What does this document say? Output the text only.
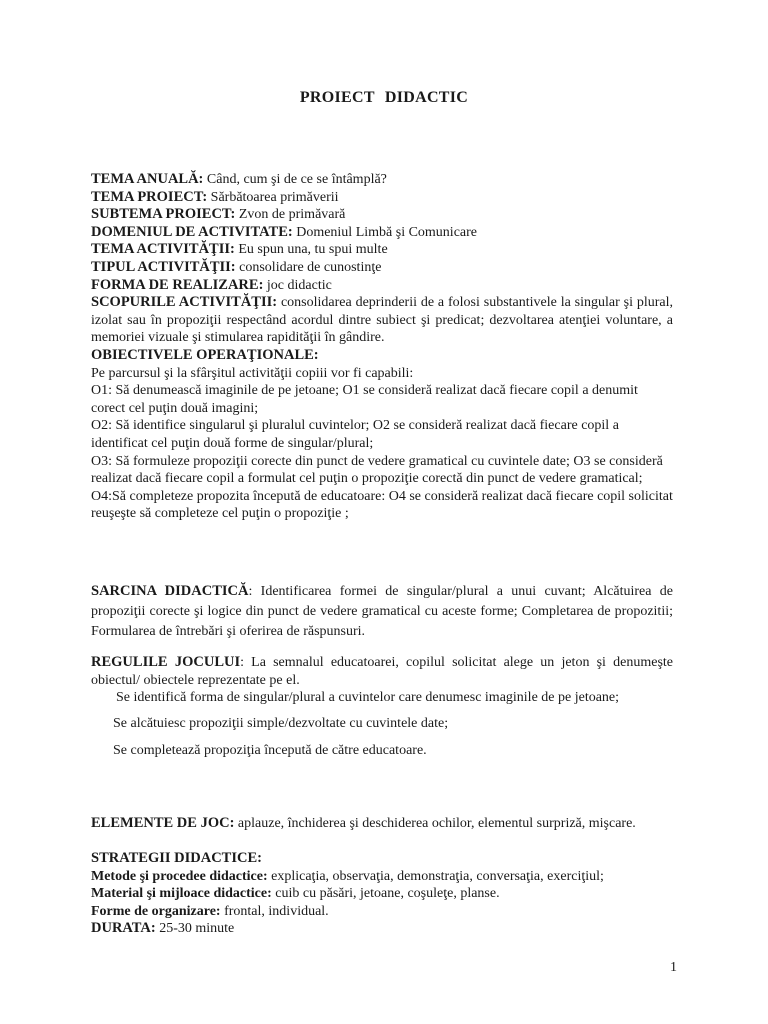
PROIECT DIDACTIC

TEMA ANUALĂ: Când, cum şi de ce se întâmplă?

TEMA PROIECT: Sărbătoarea primăverii

SUBTEMA PROIECT: Zvon de primăvară

DOMENIUL DE ACTIVITATE: Domeniul Limbă şi Comunicare

TEMA ACTIVITĂŢII: Eu spun una, tu spui multe

TIPUL ACTIVITĂŢII: consolidare de cunostinţe

FORMA DE REALIZARE: joc didactic

SCOPURILE ACTIVITĂŢII: consolidarea deprinderii de a folosi substantivele la singular şi plural, izolat sau în propoziţii respectând acordul dintre subiect şi predicat; dezvoltarea atenţiei voluntare, a memoriei vizuale şi stimularea rapidităţii în gândire.

OBIECTIVELE OPERAŢIONALE:

Pe parcursul şi la sfârşitul activităţii copiii vor fi capabili:

O1: Să denumească imaginile de pe jetoane; O1 se consideră realizat dacă fiecare copil a denumit corect cel puţin două imagini;

O2: Să identifice singularul şi pluralul cuvintelor; O2 se consideră realizat dacă fiecare copil a identificat cel puţin două forme de singular/plural;

O3: Să formuleze propoziţii corecte din punct de vedere gramatical cu cuvintele date; O3 se consideră realizat dacă fiecare copil a formulat cel puţin o propoziţie corectă din punct de vedere gramatical;

O4:Să completeze propozita începută de educatoare: O4 se consideră realizat dacă fiecare copil solicitat reuşeşte să completeze cel puţin o propoziţie ;

SARCINA DIDACTICĂ: Identificarea formei de singular/plural a unui cuvant; Alcătuirea de propoziţii corecte şi logice din punct de vedere gramatical cu aceste forme; Completarea de propozitii; Formularea de întrebări şi oferirea de răspunsuri.

REGULILE JOCULUI: La semnalul educatoarei, copilul solicitat alege un jeton şi denumeşte obiectul/ obiectele reprezentate pe el.

Se identifică forma de singular/plural a cuvintelor care denumesc imaginile de pe jetoane;

Se alcătuiesc propoziţii simple/dezvoltate cu cuvintele date;
Se completează propoziţia începută de către educatoare.
ELEMENTE DE JOC: aplauze, închiderea şi deschiderea ochilor, elementul surpriză, mişcare.

STRATEGII DIDACTICE:

Metode şi procedee didactice: explicaţia, observaţia, demonstraţia, conversaţia, exerciţiul;

Material şi mijloace didactice: cuib cu păsări, jetoane, coşuleţe, planse.

Forme de organizare: frontal, individual.

DURATA: 25-30 minute

1
